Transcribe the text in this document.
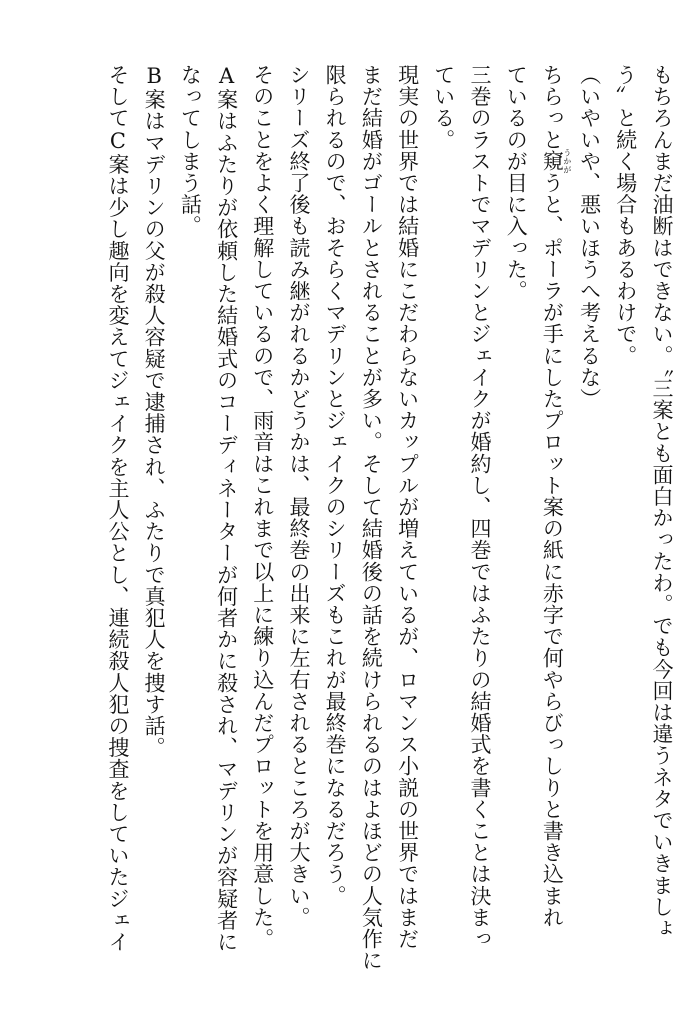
もちろんまだ油断はできない。〝三案とも面白かったわ。でも今回は違うネタでいきましょ
う〟と続く場合もあるわけで。
（いやいや、悪いほうへ考えるな）
ちらっと窺うかがうと、ポーラが手にしたプロット案の紙に赤字で何やらびっしりと書き込まれ
ているのが目に入った。
三巻のラストでマデリンとジェイクが婚約し、四巻ではふたりの結婚式を書くことは決まっ
ている。
現実の世界では結婚にこだわらないカップルが増えているが、ロマンス小説の世界ではまだ
まだ結婚がゴールとされることが多い。そして結婚後の話を続けられるのはよほどの人気作に
限られるので、おそらくマデリンとジェイクのシリーズもこれが最終巻になるだろう。
シリーズ終了後も読み継がれるかどうかは、最終巻の出来に左右されるところが大きい。
そのことをよく理解しているので、雨音はこれまで以上に練り込んだプロットを用意した。
A案はふたりが依頼した結婚式のコーディネーターが何者かに殺され、マデリンが容疑者に
なってしまう話。
B案はマデリンの父が殺人容疑で逮捕され、ふたりで真犯人を捜す話。
そしてC案は少し趣向を変えてジェイクを主人公とし、連続殺人犯の捜査をしていたジェイ
